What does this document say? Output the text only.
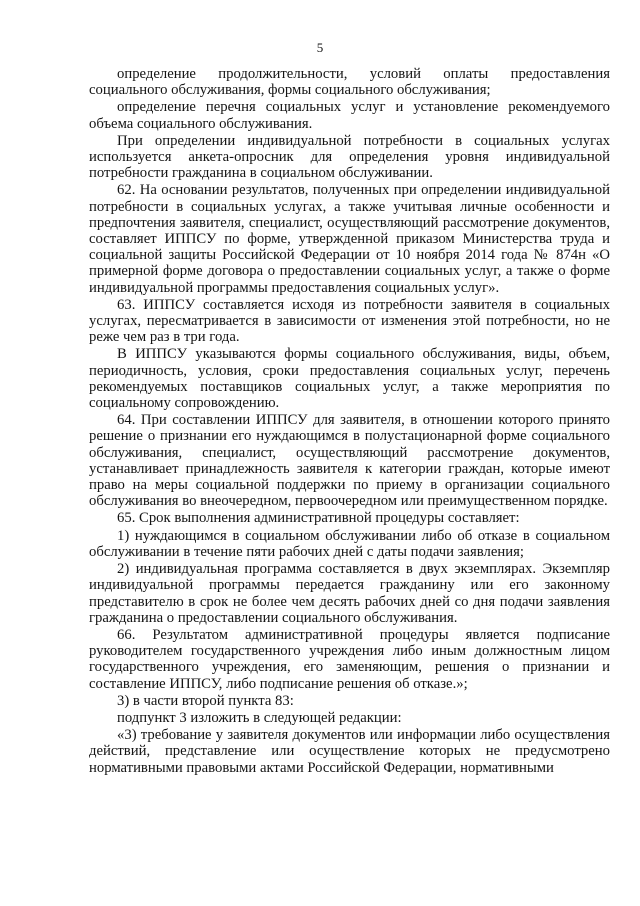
5

определение продолжительности, условий оплаты предоставления социального обслуживания, формы социального обслуживания;

определение перечня социальных услуг и установление рекомендуемого объема социального обслуживания.

При определении индивидуальной потребности в социальных услугах используется анкета-опросник для определения уровня индивидуальной потребности гражданина в социальном обслуживании.

62. На основании результатов, полученных при определении индивидуальной потребности в социальных услугах, а также учитывая личные особенности и предпочтения заявителя, специалист, осуществляющий рассмотрение документов, составляет ИППСУ по форме, утвержденной приказом Министерства труда и социальной защиты Российской Федерации от 10 ноября 2014 года № 874н «О примерной форме договора о предоставлении социальных услуг, а также о форме индивидуальной программы предоставления социальных услуг».

63. ИППСУ составляется исходя из потребности заявителя в социальных услугах, пересматривается в зависимости от изменения этой потребности, но не реже чем раз в три года.

В ИППСУ указываются формы социального обслуживания, виды, объем, периодичность, условия, сроки предоставления социальных услуг, перечень рекомендуемых поставщиков социальных услуг, а также мероприятия по социальному сопровождению.

64. При составлении ИППСУ для заявителя, в отношении которого принято решение о признании его нуждающимся в полустационарной форме социального обслуживания, специалист, осуществляющий рассмотрение документов, устанавливает принадлежность заявителя к категории граждан, которые имеют право на меры социальной поддержки по приему в организации социального обслуживания во внеочередном, первоочередном или преимущественном порядке.

65. Срок выполнения административной процедуры составляет:

1) нуждающимся в социальном обслуживании либо об отказе в социальном обслуживании в течение пяти рабочих дней с даты подачи заявления;

2) индивидуальная программа составляется в двух экземплярах. Экземпляр индивидуальной программы передается гражданину или его законному представителю в срок не более чем десять рабочих дней со дня подачи заявления гражданина о предоставлении социального обслуживания.

66. Результатом административной процедуры является подписание руководителем государственного учреждения либо иным должностным лицом государственного учреждения, его заменяющим, решения о признании и составление ИППСУ, либо подписание решения об отказе.»;

3) в части второй пункта 83:

подпункт 3 изложить в следующей редакции:

«3) требование у заявителя документов или информации либо осуществления действий, представление или осуществление которых не предусмотрено нормативными правовыми актами Российской Федерации, нормативными
